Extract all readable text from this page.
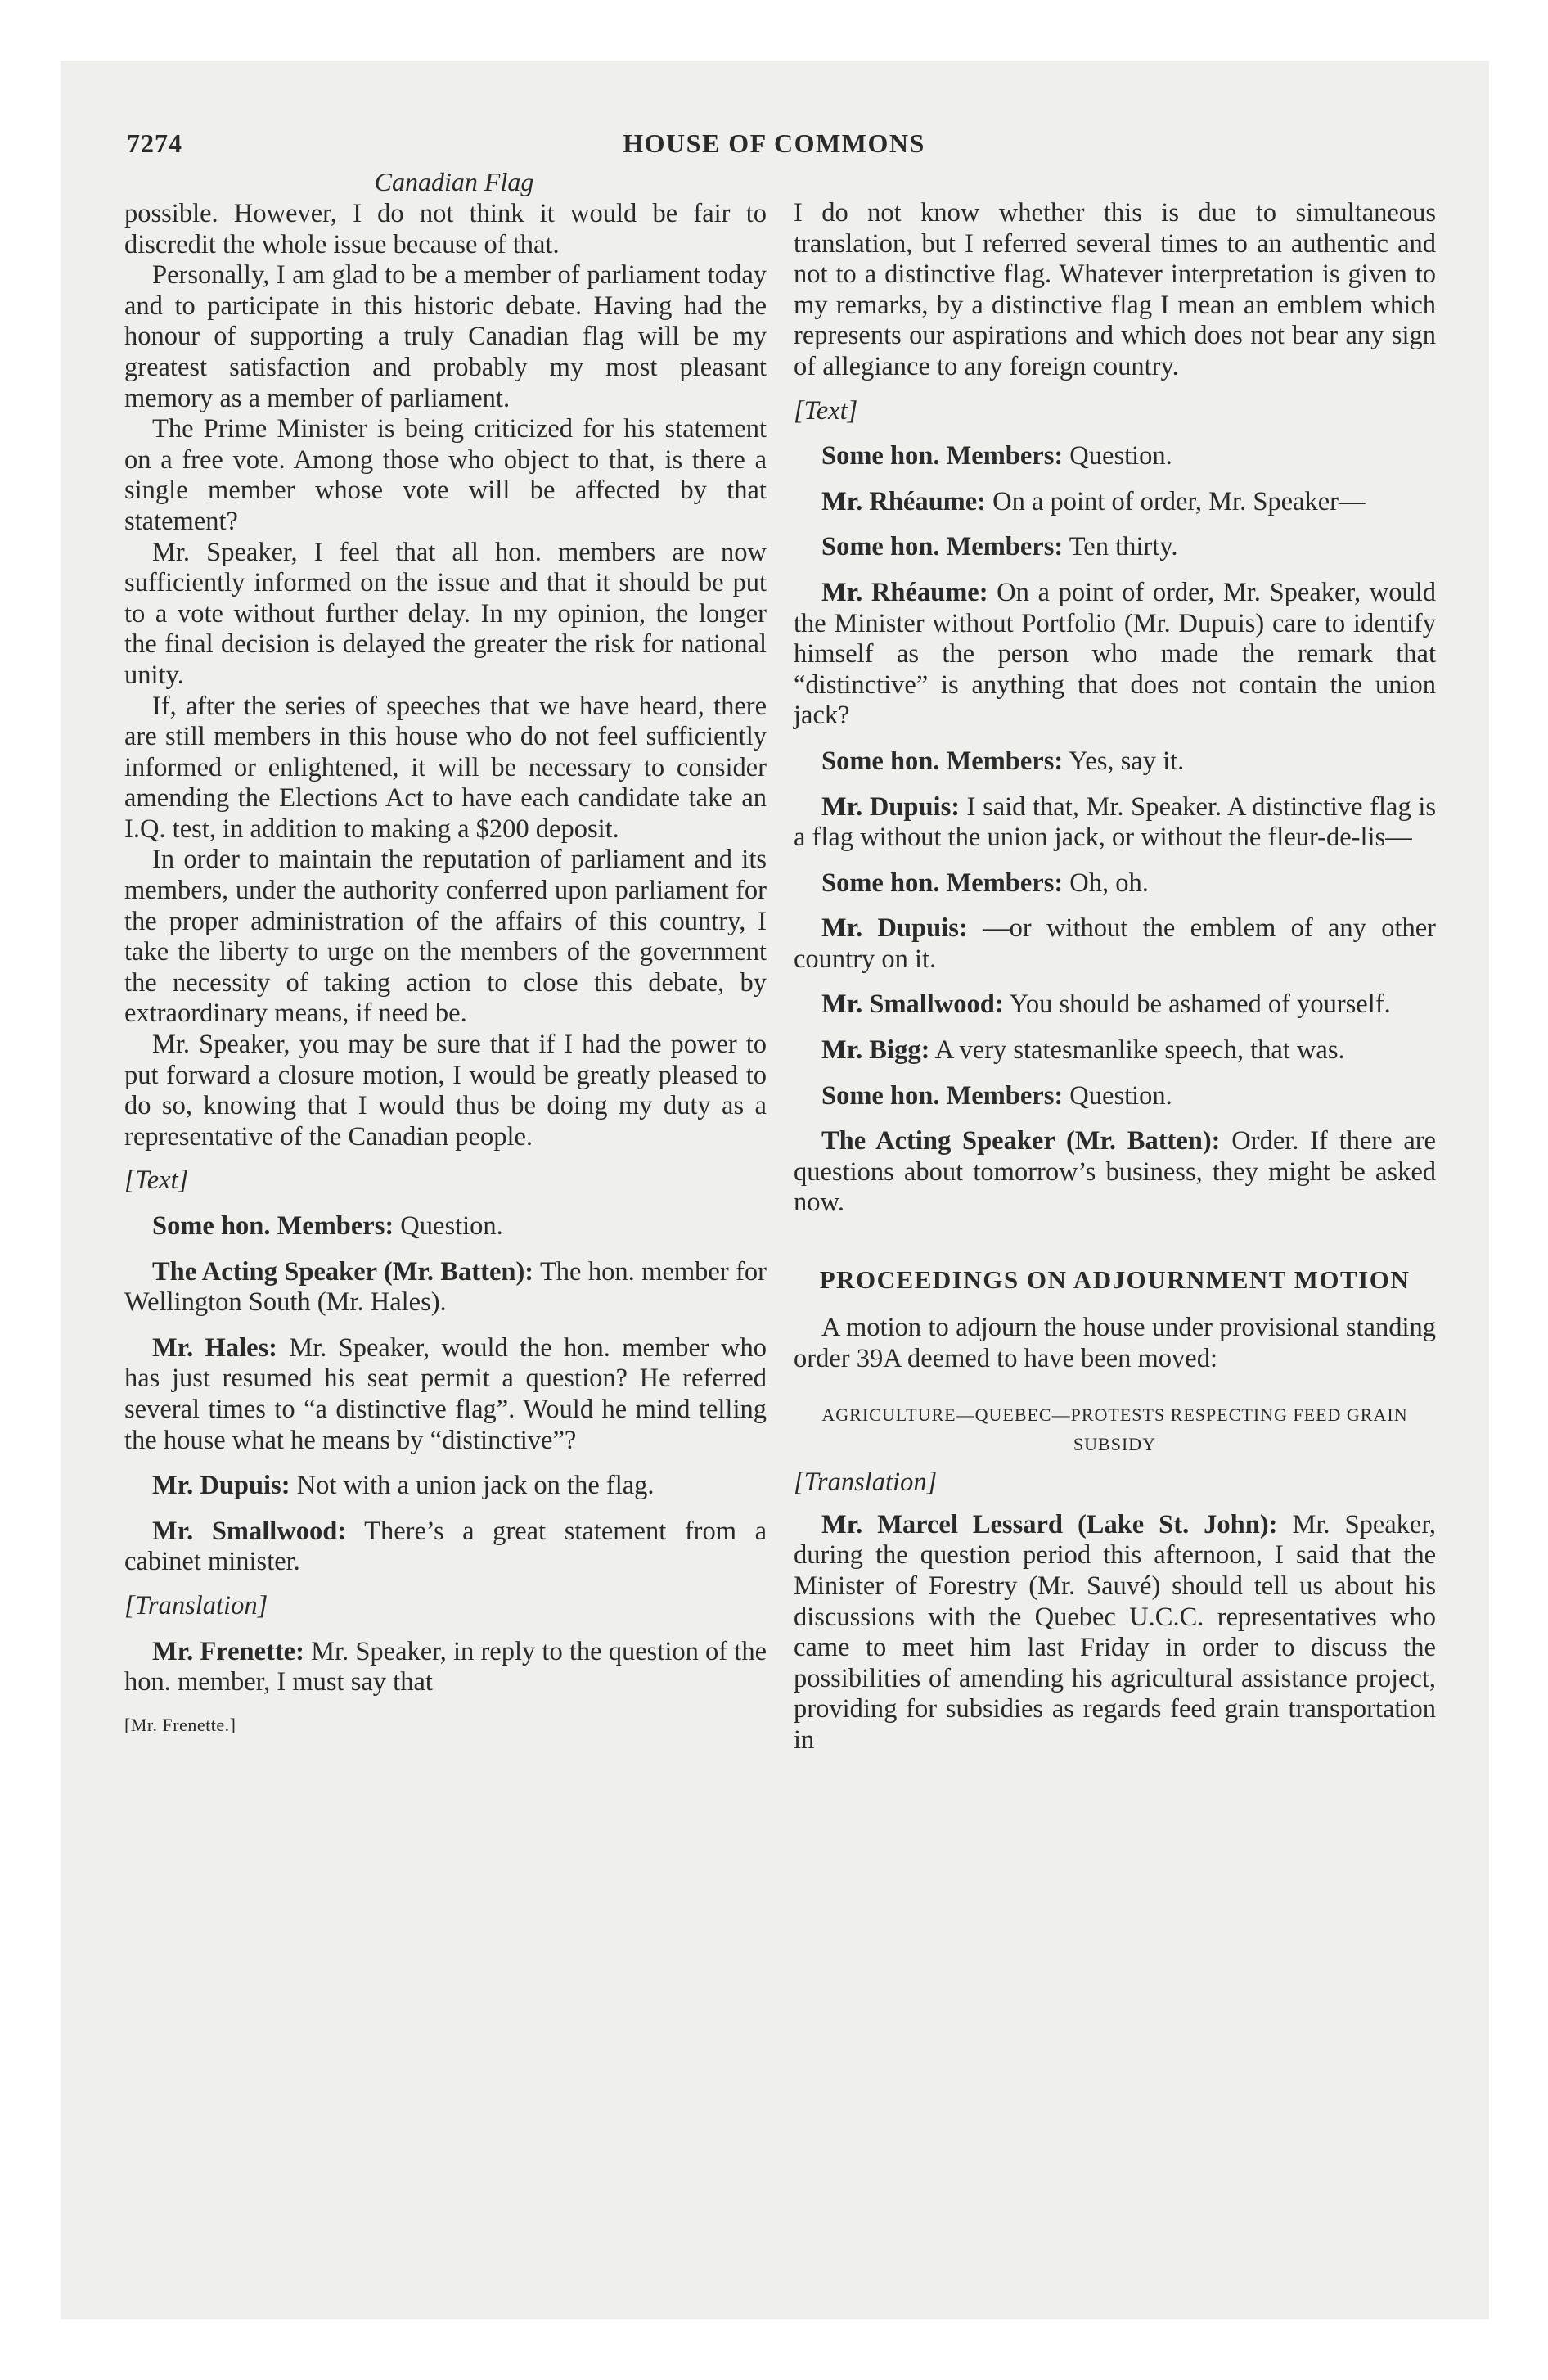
7274	HOUSE OF COMMONS
Canadian Flag

possible. However, I do not think it would be fair to discredit the whole issue because of that.

Personally, I am glad to be a member of parliament today and to participate in this historic debate. Having had the honour of supporting a truly Canadian flag will be my greatest satisfaction and probably my most pleasant memory as a member of parliament.

The Prime Minister is being criticized for his statement on a free vote. Among those who object to that, is there a single member whose vote will be affected by that statement?

Mr. Speaker, I feel that all hon. members are now sufficiently informed on the issue and that it should be put to a vote without further delay. In my opinion, the longer the final decision is delayed the greater the risk for national unity.

If, after the series of speeches that we have heard, there are still members in this house who do not feel sufficiently informed or enlightened, it will be necessary to consider amending the Elections Act to have each candidate take an I.Q. test, in addition to making a $200 deposit.

In order to maintain the reputation of parliament and its members, under the authority conferred upon parliament for the proper administration of the affairs of this country, I take the liberty to urge on the members of the government the necessity of taking action to close this debate, by extraordinary means, if need be.

Mr. Speaker, you may be sure that if I had the power to put forward a closure motion, I would be greatly pleased to do so, knowing that I would thus be doing my duty as a representative of the Canadian people.

[Text]

Some hon. Members: Question.

The Acting Speaker (Mr. Batten): The hon. member for Wellington South (Mr. Hales).

Mr. Hales: Mr. Speaker, would the hon. member who has just resumed his seat permit a question? He referred several times to “a distinctive flag”. Would he mind telling the house what he means by “distinctive”?

Mr. Dupuis: Not with a union jack on the flag.

Mr. Smallwood: There’s a great statement from a cabinet minister.

[Translation]

Mr. Frenette: Mr. Speaker, in reply to the question of the hon. member, I must say that

[Mr. Frenette.]

I do not know whether this is due to simultaneous translation, but I referred several times to an authentic and not to a distinctive flag. Whatever interpretation is given to my remarks, by a distinctive flag I mean an emblem which represents our aspirations and which does not bear any sign of allegiance to any foreign country.

[Text]

Some hon. Members: Question.

Mr. Rhéaume: On a point of order, Mr. Speaker—

Some hon. Members: Ten thirty.

Mr. Rhéaume: On a point of order, Mr. Speaker, would the Minister without Portfolio (Mr. Dupuis) care to identify himself as the person who made the remark that “distinctive” is anything that does not contain the union jack?

Some hon. Members: Yes, say it.

Mr. Dupuis: I said that, Mr. Speaker. A distinctive flag is a flag without the union jack, or without the fleur-de-lis—

Some hon. Members: Oh, oh.

Mr. Dupuis: —or without the emblem of any other country on it.

Mr. Smallwood: You should be ashamed of yourself.

Mr. Bigg: A very statesmanlike speech, that was.

Some hon. Members: Question.

The Acting Speaker (Mr. Batten): Order. If there are questions about tomorrow’s business, they might be asked now.

PROCEEDINGS ON ADJOURNMENT MOTION

A motion to adjourn the house under provisional standing order 39A deemed to have been moved:

AGRICULTURE—QUEBEC—PROTESTS RESPECTING FEED GRAIN SUBSIDY

[Translation]

Mr. Marcel Lessard (Lake St. John): Mr. Speaker, during the question period this afternoon, I said that the Minister of Forestry (Mr. Sauvé) should tell us about his discussions with the Quebec U.C.C. representatives who came to meet him last Friday in order to discuss the possibilities of amending his agricultural assistance project, providing for subsidies as regards feed grain transportation in
